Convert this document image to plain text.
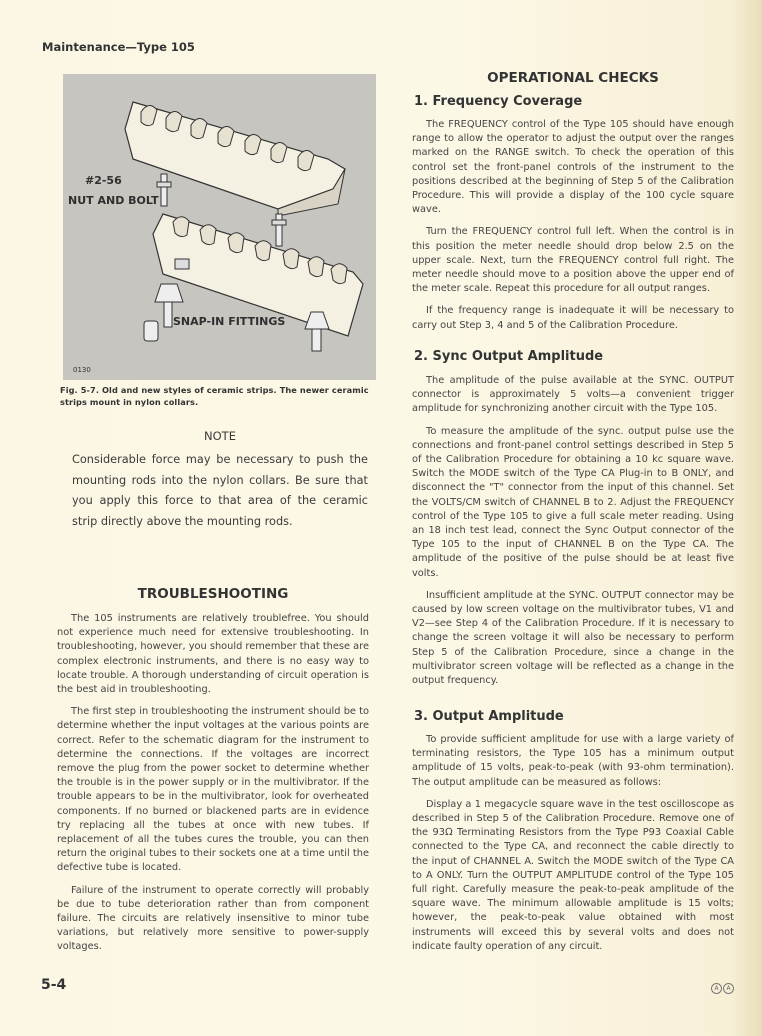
Maintenance—Type 105
#2-56
NUT AND BOLT
SNAP-IN FITTINGS
0130
Fig. 5-7. Old and new styles of ceramic strips. The newer ceramic strips mount in nylon collars.
NOTE
Considerable force may be necessary to push the mounting rods into the nylon collars. Be sure that you apply this force to that area of the ceramic strip directly above the mounting rods.
TROUBLESHOOTING

The 105 instruments are relatively troublefree. You should not experience much need for extensive troubleshooting. In troubleshooting, however, you should remember that these are complex electronic instruments, and there is no easy way to locate trouble. A thorough understanding of circuit operation is the best aid in troubleshooting.

The first step in troubleshooting the instrument should be to determine whether the input voltages at the various points are correct. Refer to the schematic diagram for the instrument to determine the connections. If the voltages are incorrect remove the plug from the power socket to determine whether the trouble is in the power supply or in the multivibrator. If the trouble appears to be in the multivibrator, look for overheated components. If no burned or blackened parts are in evidence try replacing all the tubes at once with new tubes. If replacement of all the tubes cures the trouble, you can then return the original tubes to their sockets one at a time until the defective tube is located.

Failure of the instrument to operate correctly will probably be due to tube deterioration rather than from component failure. The circuits are relatively insensitive to minor tube variations, but relatively more sensitive to power-supply voltages.

OPERATIONAL CHECKS
1. Frequency Coverage

The FREQUENCY control of the Type 105 should have enough range to allow the operator to adjust the output over the ranges marked on the RANGE switch. To check the operation of this control set the front-panel controls of the instrument to the positions described at the beginning of Step 5 of the Calibration Procedure. This will provide a display of the 100 cycle square wave.

Turn the FREQUENCY control full left. When the control is in this position the meter needle should drop below 2.5 on the upper scale. Next, turn the FREQUENCY control full right. The meter needle should move to a position above the upper end of the meter scale. Repeat this procedure for all output ranges.

If the frequency range is inadequate it will be necessary to carry out Step 3, 4 and 5 of the Calibration Procedure.

2. Sync Output Amplitude

The amplitude of the pulse available at the SYNC. OUTPUT connector is approximately 5 volts—a convenient trigger amplitude for synchronizing another circuit with the Type 105.

To measure the amplitude of the sync. output pulse use the connections and front-panel control settings described in Step 5 of the Calibration Procedure for obtaining a 10 kc square wave. Switch the MODE switch of the Type CA Plug-in to B ONLY, and disconnect the "T" connector from the input of this channel. Set the VOLTS/CM switch of CHANNEL B to 2. Adjust the FREQUENCY control of the Type 105 to give a full scale meter reading. Using an 18 inch test lead, connect the Sync Output connector of the Type 105 to the input of CHANNEL B on the Type CA. The amplitude of the positive of the pulse should be at least five volts.

Insufficient amplitude at the SYNC. OUTPUT connector may be caused by low screen voltage on the multivibrator tubes, V1 and V2—see Step 4 of the Calibration Procedure. If it is necessary to change the screen voltage it will also be necessary to perform Step 5 of the Calibration Procedure, since a change in the multivibrator screen voltage will be reflected as a change in the output frequency.

3. Output Amplitude

To provide sufficient amplitude for use with a large variety of terminating resistors, the Type 105 has a minimum output amplitude of 15 volts, peak-to-peak (with 93-ohm termination). The output amplitude can be measured as follows:

Display a 1 megacycle square wave in the test oscilloscope as described in Step 5 of the Calibration Procedure. Remove one of the 93Ω Terminating Resistors from the Type P93 Coaxial Cable connected to the Type CA, and reconnect the cable directly to the input of CHANNEL A. Switch the MODE switch of the Type CA to A ONLY. Turn the OUTPUT AMPLITUDE control of the Type 105 full right. Carefully measure the peak-to-peak amplitude of the square wave. The minimum allowable amplitude is 15 volts; however, the peak-to-peak value obtained with most instruments will exceed this by several volts and does not indicate faulty operation of any circuit.

5-4	A	A
